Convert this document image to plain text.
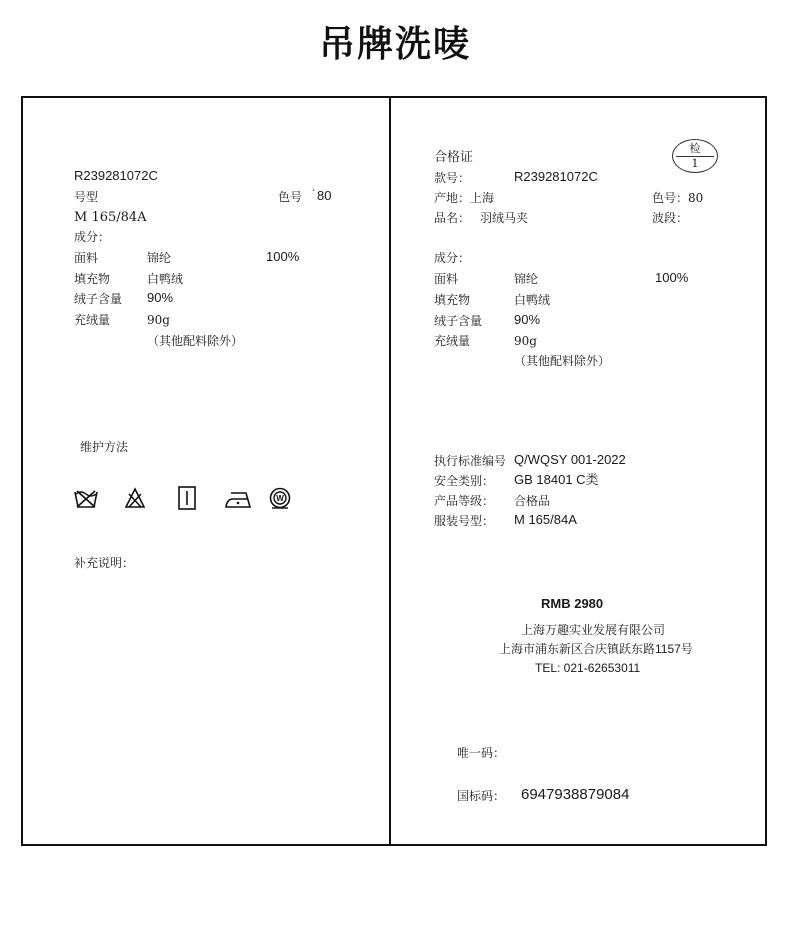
吊牌洗唛
R239281072C
号型	色号 ʼ 80
M 165/84A
成分：
面料	锦纶	100%
填充物	白鸭绒
绒子含量 90%
充绒量	90g
（其他配料除外）
维护方法
W
补充说明：
检
1
合格证
款号：	R239281072C
产地：上海	色号：80
品名： 羽绒马夹	波段：
成分：
面料	锦纶	100%
填充物	白鸭绒
绒子含量 90%
充绒量	90g
（其他配料除外）
执行标准编号 Q/WQSY 001-2022
安全类别： GB 18401 C类
产品等级： 合格品
服装号型： M 165/84A
RMB 2980
上海万趣实业发展有限公司
上海市浦东新区合庆镇跃东路1157号
TEL: 021-62653011
唯一码：
国标码： 6947938879084
